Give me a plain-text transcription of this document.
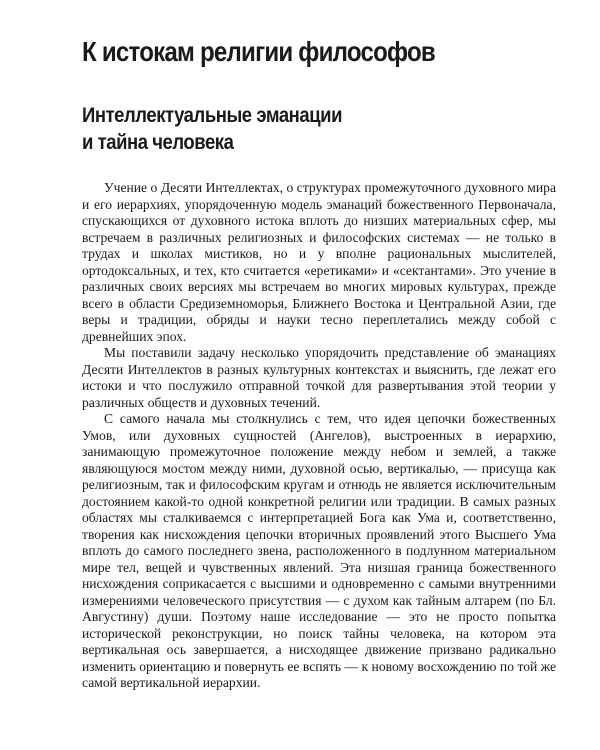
К истокам религии философов
Интеллектуальные эманации
и тайна человека

Учение о Десяти Интеллектах, о структурах промежуточного духовного мира и его иерархиях, упорядоченную модель эманаций божественного Первоначала, спускающихся от духовного истока вплоть до низших материальных сфер, мы встречаем в различных религиозных и философских системах — не только в трудах и школах мистиков, но и у вполне рациональных мыслителей, ортодоксальных, и тех, кто считается «еретиками» и «сектантами». Это учение в различных своих версиях мы встречаем во многих мировых культурах, прежде всего в области Средиземноморья, Ближнего Востока и Центральной Азии, где веры и традиции, обряды и науки тесно переплетались между собой с древнейших эпох.

Мы поставили задачу несколько упорядочить представление об эманациях Десяти Интеллектов в разных культурных контекстах и выяснить, где лежат его истоки и что послужило отправной точкой для развертывания этой теории у различных обществ и духовных течений.

С самого начала мы столкнулись с тем, что идея цепочки божественных Умов, или духовных сущностей (Ангелов), выстроенных в иерархию, занимающую промежуточное положение между небом и землей, а также являющуюся мостом между ними, духовной осью, вертикалью, — присуща как религиозным, так и философским кругам и отнюдь не является исключительным достоянием какой-то одной конкретной религии или традиции. В самых разных областях мы сталкиваемся с интерпретацией Бога как Ума и, соответственно, творения как нисхождения цепочки вторичных проявлений этого Высшего Ума вплоть до самого последнего звена, расположенного в подлунном материальном мире тел, вещей и чувственных явлений. Эта низшая граница божественного нисхождения соприкасается с высшими и одновременно с самыми внутренними измерениями человеческого присутствия — с духом как тайным алтарем (по Бл. Августину) души. Поэтому наше исследование — это не просто попытка исторической реконструкции, но поиск тайны человека, на котором эта вертикальная ось завершается, а нисходящее движение призвано радикально изменить ориентацию и повернуть ее вспять — к новому восхождению по той же самой вертикальной иерархии.
